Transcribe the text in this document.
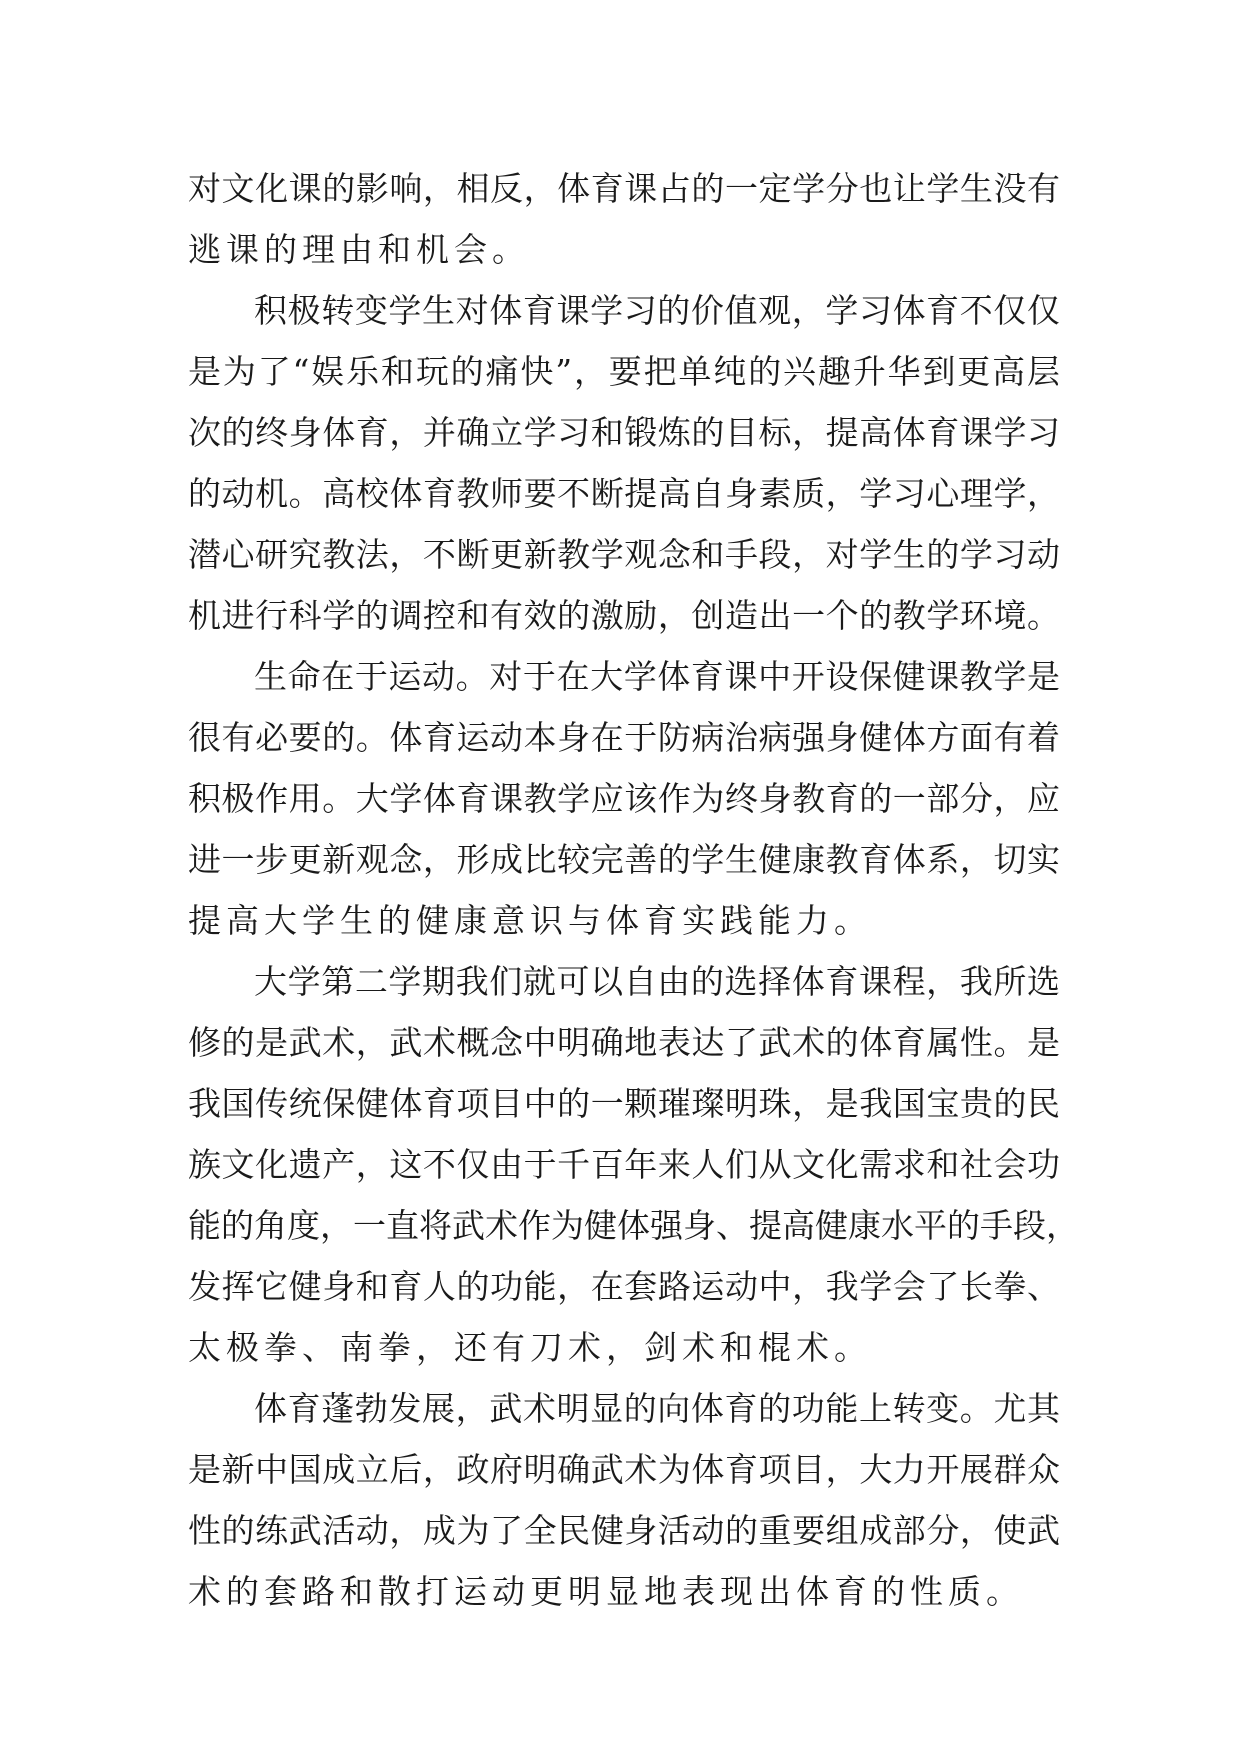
对文化课的影响，相反，体育课占的一定学分也让学生没有
逃课的理由和机会。
积极转变学生对体育课学习的价值观，学习体育不仅仅
是为了“娱乐和玩的痛快”，要把单纯的兴趣升华到更高层
次的终身体育，并确立学习和锻炼的目标，提高体育课学习
的动机。高校体育教师要不断提高自身素质，学习心理学，
潜心研究教法，不断更新教学观念和手段，对学生的学习动
机进行科学的调控和有效的激励，创造出一个的教学环境。
生命在于运动。对于在大学体育课中开设保健课教学是
很有必要的。体育运动本身在于防病治病强身健体方面有着
积极作用。大学体育课教学应该作为终身教育的一部分，应
进一步更新观念，形成比较完善的学生健康教育体系，切实
提高大学生的健康意识与体育实践能力。
大学第二学期我们就可以自由的选择体育课程，我所选
修的是武术，武术概念中明确地表达了武术的体育属性。是
我国传统保健体育项目中的一颗璀璨明珠，是我国宝贵的民
族文化遗产，这不仅由于千百年来人们从文化需求和社会功
能的角度，一直将武术作为健体强身、提高健康水平的手段，
发挥它健身和育人的功能，在套路运动中，我学会了长拳、
太极拳、南拳，还有刀术，剑术和棍术。
体育蓬勃发展，武术明显的向体育的功能上转变。尤其
是新中国成立后，政府明确武术为体育项目，大力开展群众
性的练武活动，成为了全民健身活动的重要组成部分，使武
术的套路和散打运动更明显地表现出体育的性质。
